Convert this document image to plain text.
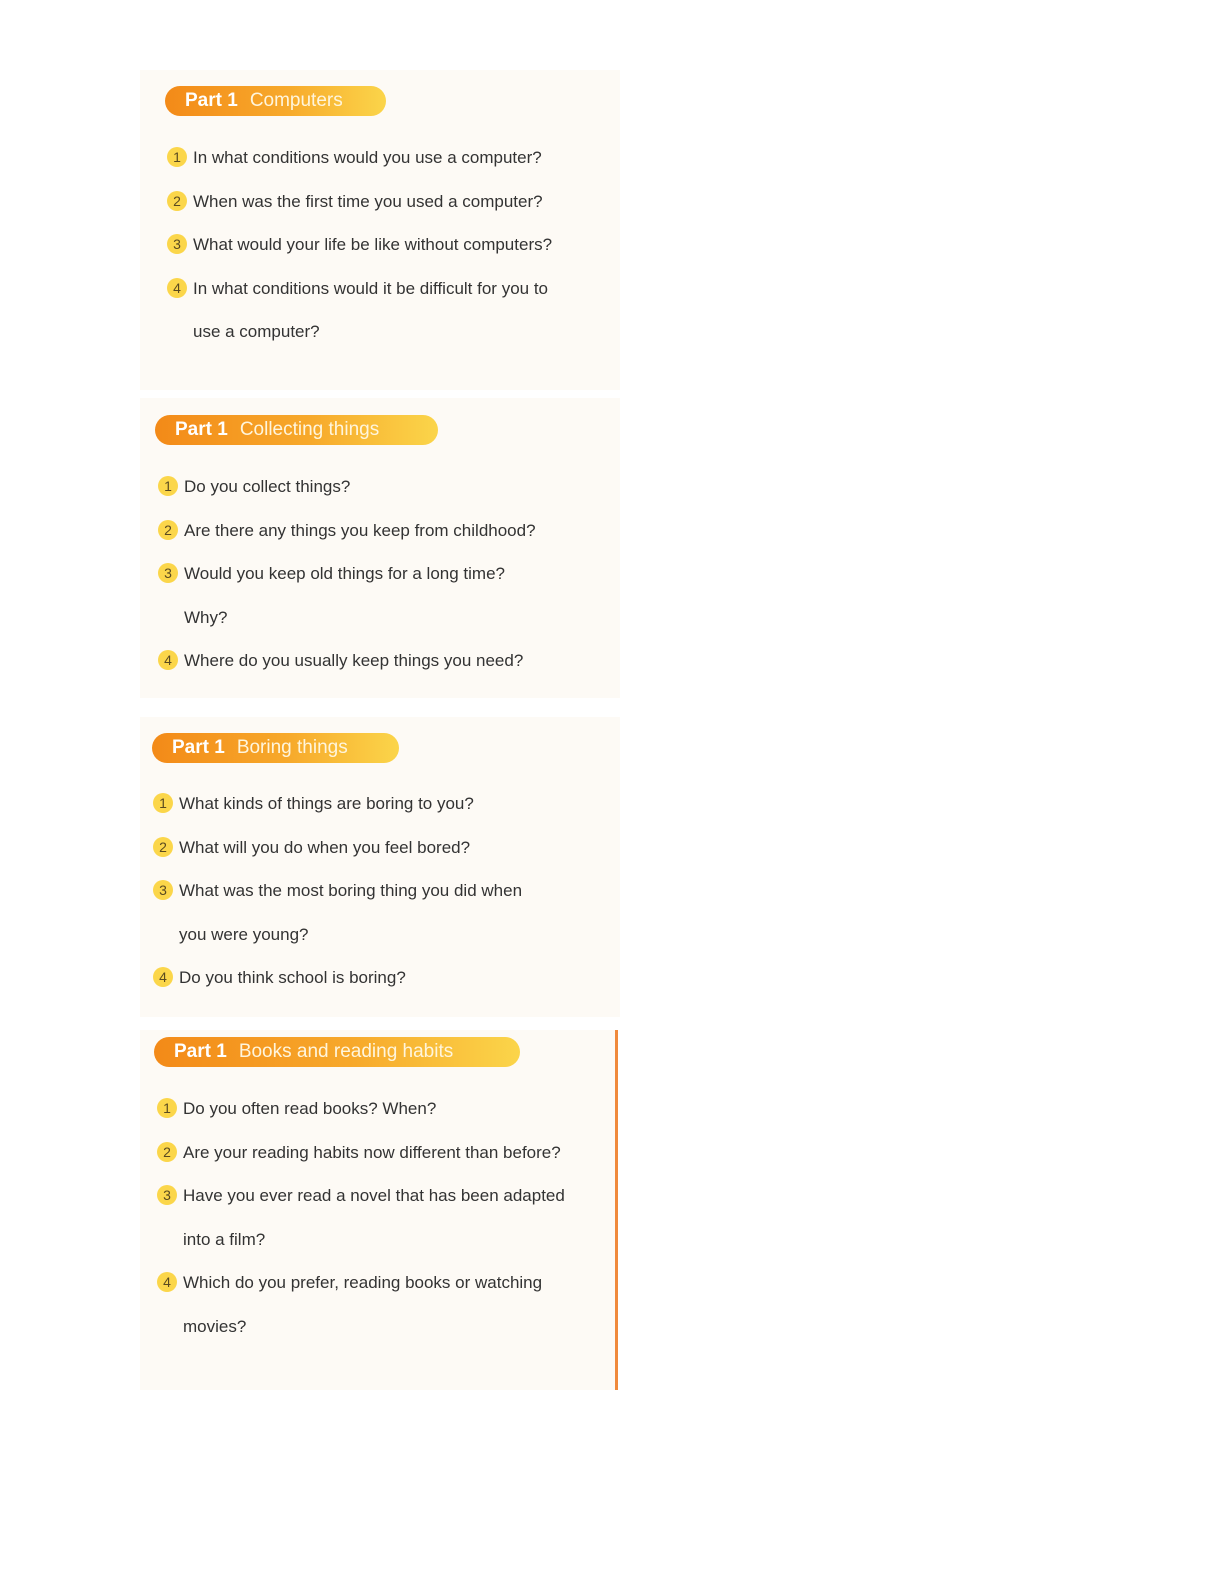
Part 1 Computers
1 In what conditions would you use a computer?
2 When was the first time you used a computer?
3 What would your life be like without computers?
4 In what conditions would it be difficult for you to
use a computer?
Part 1 Collecting things
1 Do you collect things?
2 Are there any things you keep from childhood?
3 Would you keep old things for a long time?
Why?
4 Where do you usually keep things you need?
Part 1 Boring things
1 What kinds of things are boring to you?
2 What will you do when you feel bored?
3 What was the most boring thing you did when
you were young?
4 Do you think school is boring?
Part 1 Books and reading habits
1 Do you often read books? When?
2 Are your reading habits now different than before?
3 Have you ever read a novel that has been adapted
into a film?
4 Which do you prefer, reading books or watching
movies?
